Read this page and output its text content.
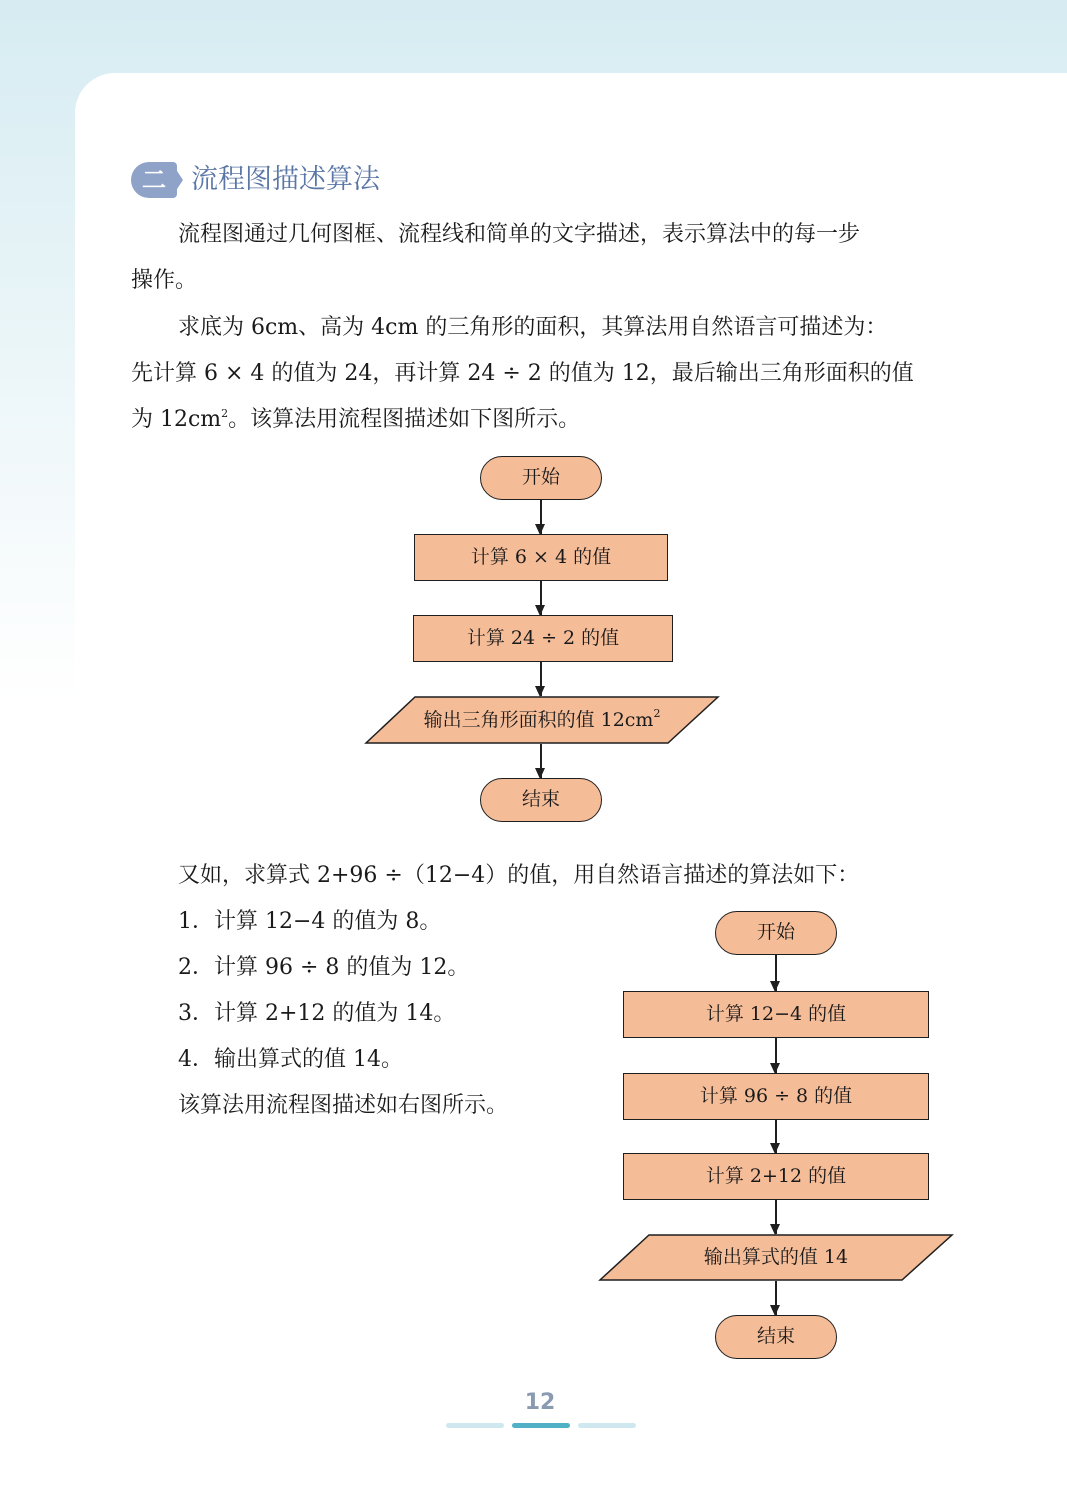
二 流程图描述算法

流程图通过几何图框、流程线和简单的文字描述，表示算法中的每一步

操作。

求底为 6cm、高为 4cm 的三角形的面积，其算法用自然语言可描述为：

先计算 6 × 4 的值为 24，再计算 24 ÷ 2 的值为 12，最后输出三角形面积的值

为 $12cm^2$。该算法用流程图描述如下图所示。

开始
计算 6 × 4 的值
计算 24 ÷ 2 的值
输出三角形面积的值 $12cm^2$
结束

又如，求算式 2+96 ÷（12−4）的值，用自然语言描述的算法如下：

1．计算 12−4 的值为 8。

2．计算 96 ÷ 8 的值为 12。

3．计算 2+12 的值为 14。

4．输出算式的值 14。

该算法用流程图描述如右图所示。

开始
计算 12−4 的值
计算 96 ÷ 8 的值
计算 2+12 的值
输出算式的值 14
结束
12
